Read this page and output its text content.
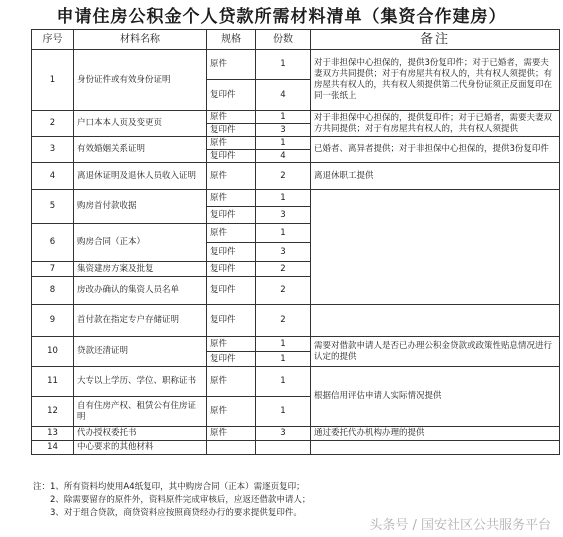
申请住房公积金个人贷款所需材料清单（集资合作建房）
序号	材料名称	规格	份数	备注
1	身份证件或有效身份证明	原件	1	对于非担保中心担保的，提供3份复印件；对于已婚者，需要夫妻双方共同提供；对于有房屋共有权人的，共有权人须提供；有房屋共有权人的，共有权人须提供第二代身份证须正反面复印在同一张纸上
		复印件	4	
2	户口本本人页及变更页	原件	1	对于非担保中心担保的，提供复印件；对于已婚者，需要夫妻双方共同提供；对于有房屋共有权人的，共有权人须提供
		复印件	3	
3	有效婚姻关系证明	原件	1	已婚者、离异者提供；对于非担保中心担保的，提供3份复印件
		复印件	4	
4	离退休证明及退休人员收入证明	原件	2	离退休职工提供
5	购房首付款收据	原件	1	
		复印件	3	
6	购房合同（正本）	原件	1	
		复印件	3	
7	集资建房方案及批复	复印件	2	
8	房改办确认的集资人员名单	复印件	2	
9	首付款在指定专户存储证明	复印件	2	
10	贷款还清证明	原件	1	需要对借款申请人是否已办理公积金贷款或政策性贴息情况进行认定的提供
		复印件	1	
11	大专以上学历、学位、职称证书	原件	1	根据信用评估申请人实际情况提供
12	自有住房产权、租赁公有住房证明	原件	1	
13	代办授权委托书	原件	3	通过委托代办机构办理的提供
14	中心要求的其他材料			
注：1、所有资料均使用A4纸复印，其中购房合同（正本）需逐页复印；
2、除需要留存的原件外，资料原件完成审核后，应返还借款申请人；
3、对于组合贷款，商贷资料应按照商贷经办行的要求提供复印件。
头条号 / 国安社区公共服务平台
